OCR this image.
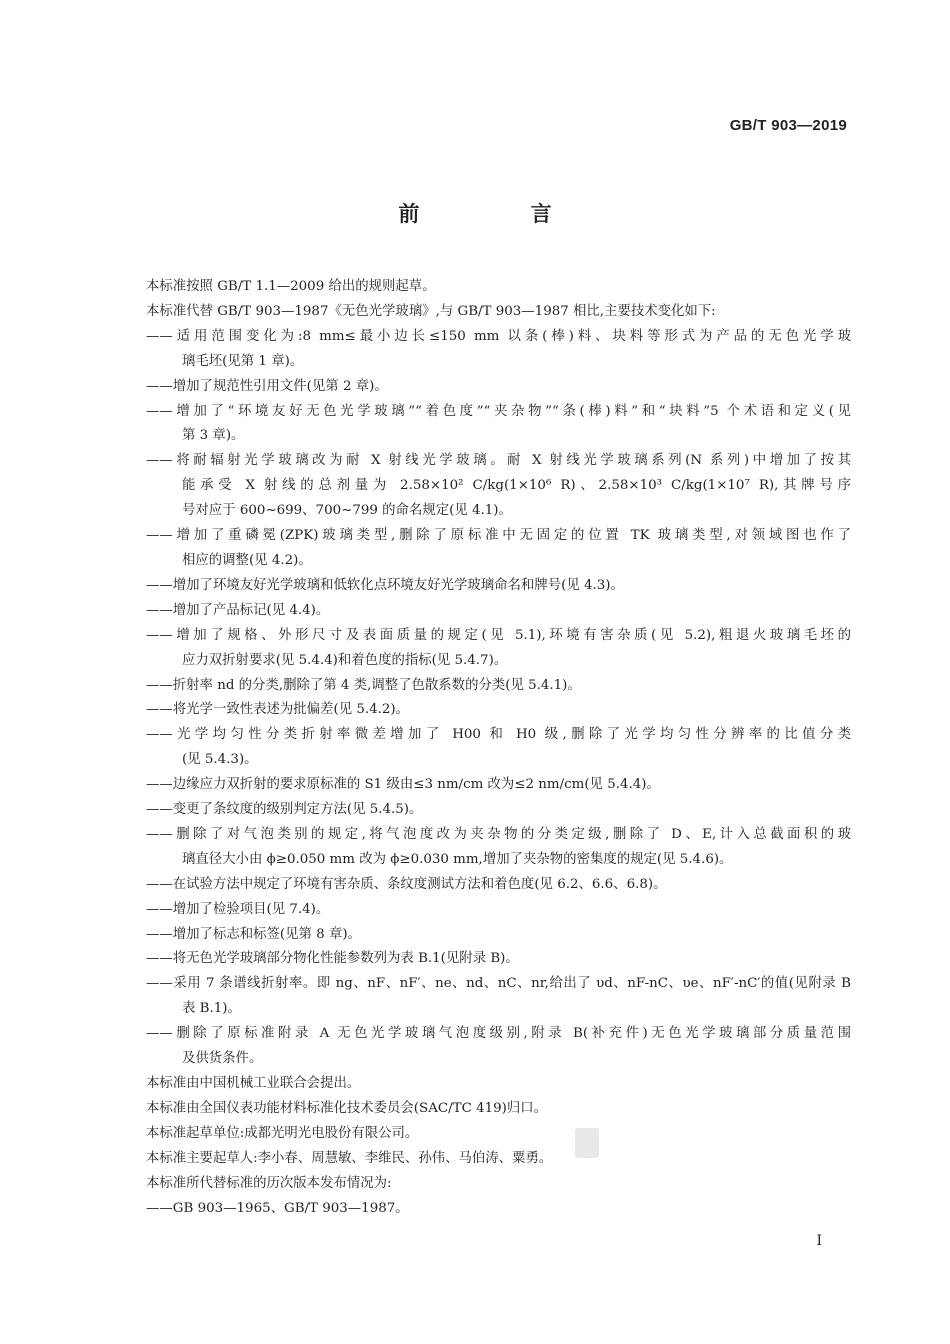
GB/T 903—2019
前 言
本标准按照 GB/T 1.1—2009 给出的规则起草。
本标准代替 GB/T 903—1987《无色光学玻璃》,与 GB/T 903—1987 相比,主要技术变化如下:
——适用范围变化为:8 mm≤最小边长≤150 mm 以条(棒)料、块料等形式为产品的无色光学玻
璃毛坯(见第 1 章)。
——增加了规范性引用文件(见第 2 章)。
——增加了“环境友好无色光学玻璃”“着色度”“夹杂物”“条(棒)料”和“块料”5 个术语和定义(见
第 3 章)。
——将耐辐射光学玻璃改为耐 X 射线光学玻璃。耐 X 射线光学玻璃系列(N 系列)中增加了按其
能承受 X 射线的总剂量为 2.58×10² C/kg(1×10⁶ R)、2.58×10³ C/kg(1×10⁷ R),其牌号序
号对应于 600~699、700~799 的命名规定(见 4.1)。
——增加了重磷冕(ZPK)玻璃类型,删除了原标准中无固定的位置 TK 玻璃类型,对领域图也作了
相应的调整(见 4.2)。
——增加了环境友好光学玻璃和低软化点环境友好光学玻璃命名和牌号(见 4.3)。
——增加了产品标记(见 4.4)。
——增加了规格、外形尺寸及表面质量的规定(见 5.1),环境有害杂质(见 5.2),粗退火玻璃毛坯的
应力双折射要求(见 5.4.4)和着色度的指标(见 5.4.7)。
——折射率 nd 的分类,删除了第 4 类,调整了色散系数的分类(见 5.4.1)。
——将光学一致性表述为批偏差(见 5.4.2)。
——光学均匀性分类折射率微差增加了 H00 和 H0 级,删除了光学均匀性分辨率的比值分类
(见 5.4.3)。
——边缘应力双折射的要求原标准的 S1 级由≤3 nm/cm 改为≤2 nm/cm(见 5.4.4)。
——变更了条纹度的级别判定方法(见 5.4.5)。
——删除了对气泡类别的规定,将气泡度改为夹杂物的分类定级,删除了 D、E,计入总截面积的玻
璃直径大小由 ϕ≥0.050 mm 改为 ϕ≥0.030 mm,增加了夹杂物的密集度的规定(见 5.4.6)。
——在试验方法中规定了环境有害杂质、条纹度测试方法和着色度(见 6.2、6.6、6.8)。
——增加了检验项目(见 7.4)。
——增加了标志和标签(见第 8 章)。
——将无色光学玻璃部分物化性能参数列为表 B.1(见附录 B)。
——采用 7 条谱线折射率。即 ng、nF、nF′、ne、nd、nC、nr,给出了 υd、nF-nC、υe、nF′-nC′的值(见附录 B
表 B.1)。
——删除了原标准附录 A 无色光学玻璃气泡度级别,附录 B(补充件)无色光学玻璃部分质量范围
及供货条件。
本标准由中国机械工业联合会提出。
本标准由全国仪表功能材料标准化技术委员会(SAC/TC 419)归口。
本标准起草单位:成都光明光电股份有限公司。
本标准主要起草人:李小春、周慧敏、李维民、孙伟、马伯涛、粟勇。
本标准所代替标准的历次版本发布情况为:
——GB 903—1965、GB/T 903—1987。
I
